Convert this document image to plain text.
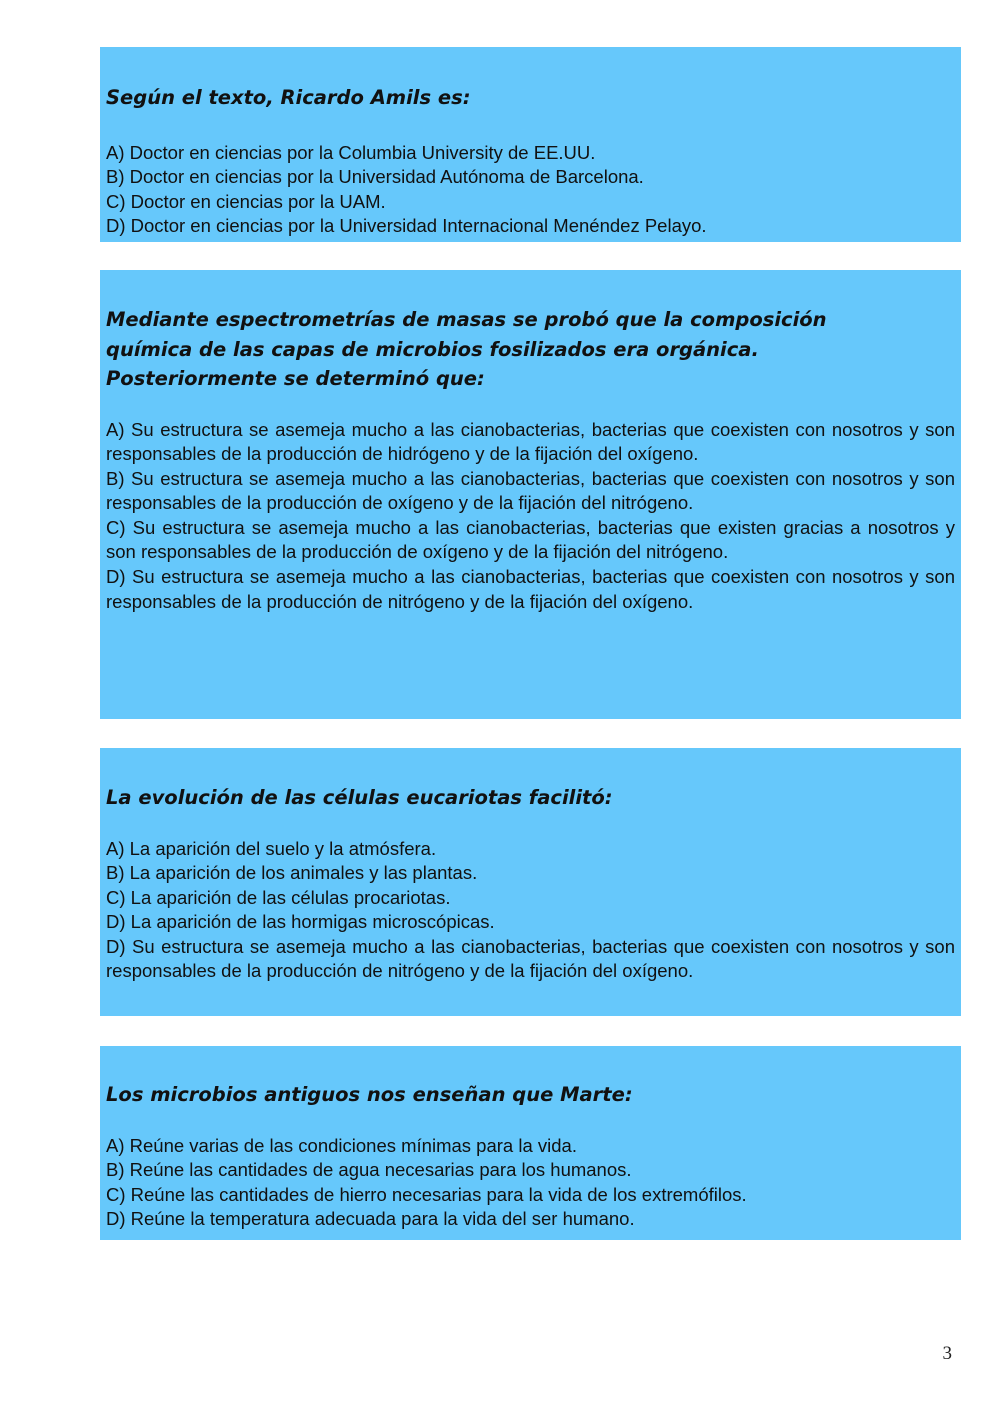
Según el texto, Ricardo Amils es:

A) Doctor en ciencias por la Columbia University de EE.UU.

B) Doctor en ciencias por la Universidad Autónoma de Barcelona.

C) Doctor en ciencias por la UAM.

D) Doctor en ciencias por la Universidad Internacional Menéndez Pelayo.

Mediante espectrometrías de masas se probó que la composición química de las capas de microbios fosilizados era orgánica. Posteriormente se determinó que:

A) Su estructura se asemeja mucho a las cianobacterias, bacterias que coexisten con nosotros y son responsables de la producción de hidrógeno y de la fijación del oxígeno.

B) Su estructura se asemeja mucho a las cianobacterias, bacterias que coexisten con nosotros y son responsables de la producción de oxígeno y de la fijación del nitrógeno.

C) Su estructura se asemeja mucho a las cianobacterias, bacterias que existen gracias a nosotros y son responsables de la producción de oxígeno y de la fijación del nitrógeno.

D) Su estructura se asemeja mucho a las cianobacterias, bacterias que coexisten con nosotros y son responsables de la producción de nitrógeno y de la fijación del oxígeno.

La evolución de las células eucariotas facilitó:

A) La aparición del suelo y la atmósfera.

B) La aparición de los animales y las plantas.

C) La aparición de las células procariotas.

D) La aparición de las hormigas microscópicas.

D) Su estructura se asemeja mucho a las cianobacterias, bacterias que coexisten con nosotros y son responsables de la producción de nitrógeno y de la fijación del oxígeno.

Los microbios antiguos nos enseñan que Marte:

A) Reúne varias de las condiciones mínimas para la vida.

B) Reúne las cantidades de agua necesarias para los humanos.

C) Reúne las cantidades de hierro necesarias para la vida de los extremófilos.

D) Reúne la temperatura adecuada para la vida del ser humano.

3
